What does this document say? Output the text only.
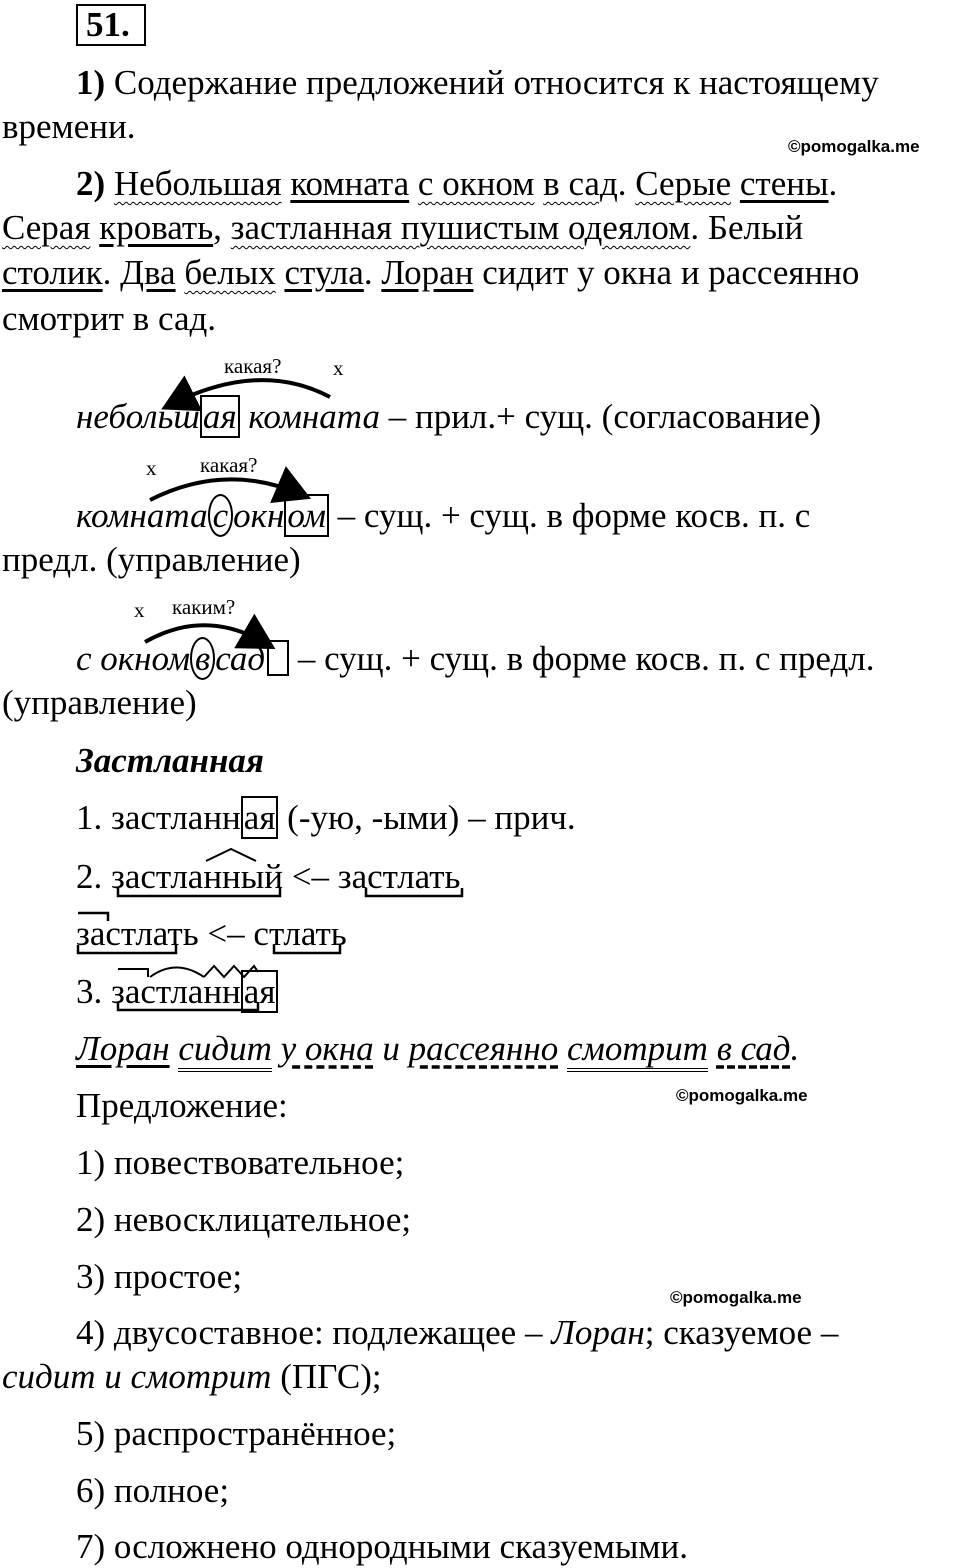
51.
1) Содержание предложений относится к настоящему
времени.
©pomogalka.me
2) Небольшая комната с окном в сад. Серые стены.
Серая кровать, застланная пушистым одеялом. Белый
столик. Два белых стула. Лоран сидит у окна и рассеянно
смотрит в сад.
какая? х
небольшая комната – прил.+ сущ. (согласование)
х какая?
комната с окном – сущ. + сущ. в форме косв. п. с
предл. (управление)
х каким?
с окном в сад – сущ. + сущ. в форме косв. п. с предл.
(управление)
Застланная
1. застланная (-ую, -ыми) – прич.
2. застланный <– застлать
застлать <– стлать
3. застланная
Лоран сидит у окна и рассеянно смотрит в сад.
Предложение:	©pomogalka.me
1) повествовательное;
2) невосклицательное;
3) простое;
©pomogalka.me
4) двусоставное: подлежащее – Лоран; сказуемое –
сидит и смотрит (ПГС);
5) распространённое;
6) полное;
7) осложнено однородными сказуемыми.
